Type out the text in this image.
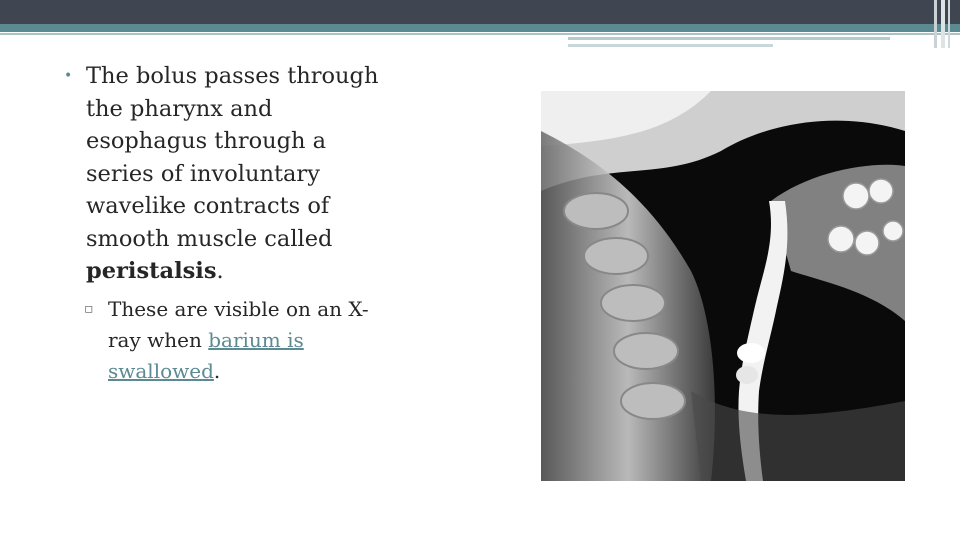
• The bolus passes through the pharynx and esophagus through a series of involuntary wavelike contracts of smooth muscle called peristalsis.
▫ These are visible on an X-ray when barium is swallowed.
